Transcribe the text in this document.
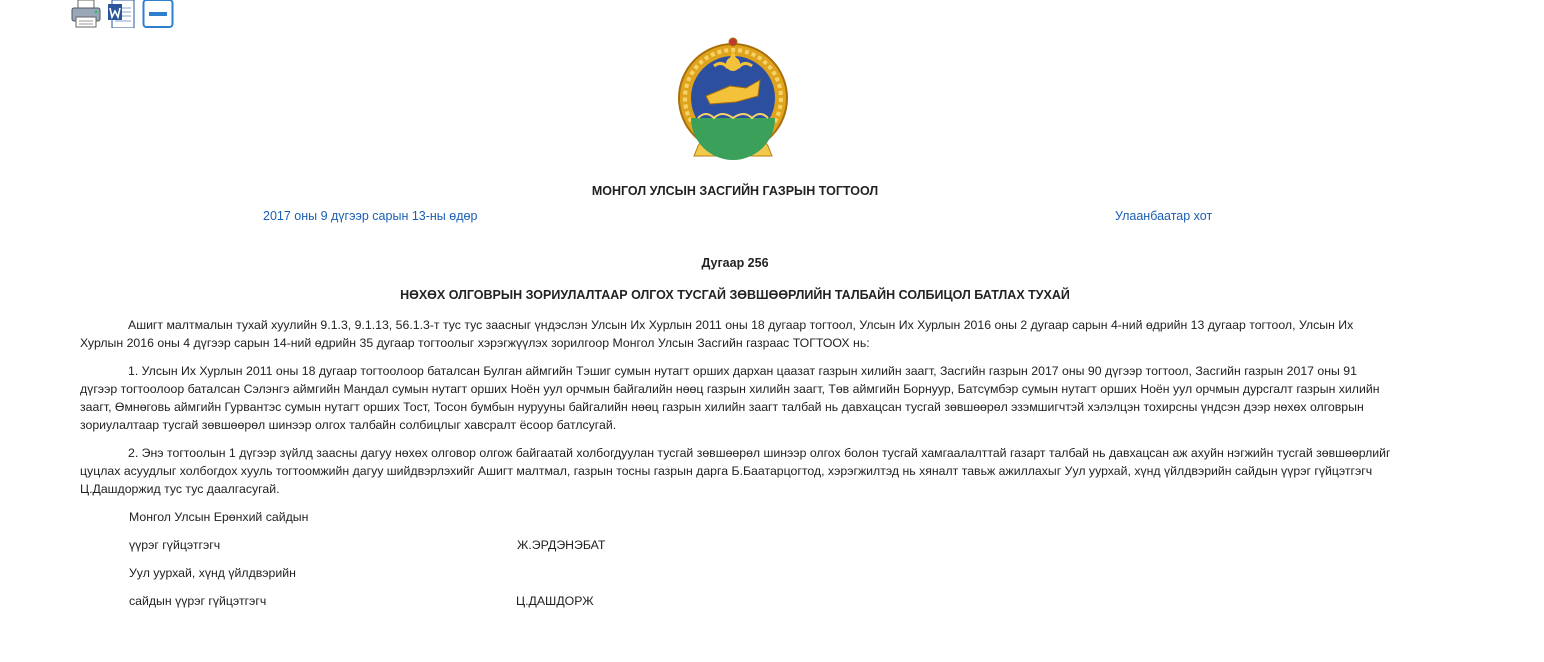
МОНГОЛ УЛСЫН ЗАСГИЙН ГАЗРЫН ТОГТООЛ
2017 оны 9 дүгээр сарын 13-ны өдөр	Улаанбаатар хот
Дугаар 256
НӨХӨХ ОЛГОВРЫН ЗОРИУЛАЛТААР ОЛГОХ ТУСГАЙ ЗӨВШӨӨРЛИЙН ТАЛБАЙН СОЛБИЦОЛ БАТЛАХ ТУХАЙ

Ашигт малтмалын тухай хуулийн 9.1.3, 9.1.13, 56.1.3-т тус тус заасныг үндэслэн Улсын Их Хурлын 2011 оны 18 дугаар тогтоол, Улсын Их Хурлын 2016 оны 2 дугаар сарын 4-ний өдрийн 13 дугаар тогтоол, Улсын Их Хурлын 2016 оны 4 дүгээр сарын 14-ний өдрийн 35 дугаар тогтоолыг хэрэгжүүлэх зорилгоор Монгол Улсын Засгийн газраас ТОГТООХ нь:

1. Улсын Их Хурлын 2011 оны 18 дугаар тогтоолоор баталсан Булган аймгийн Тэшиг сумын нутагт орших дархан цаазат газрын хилийн заагт, Засгийн газрын 2017 оны 90 дүгээр тогтоол, Засгийн газрын 2017 оны 91 дүгээр тогтоолоор баталсан Сэлэнгэ аймгийн Мандал сумын нутагт орших Ноён уул орчмын байгалийн нөөц газрын хилийн заагт, Төв аймгийн Борнуур, Батсүмбэр сумын нутагт орших Ноён уул орчмын дурсгалт газрын хилийн заагт, Өмнөговь аймгийн Гурвантэс сумын нутагт орших Тост, Тосон бумбын нурууны байгалийн нөөц газрын хилийн заагт талбай нь давхацсан тусгай зөвшөөрөл эзэмшигчтэй хэлэлцэн тохирсны үндсэн дээр нөхөх олговрын зориулалтаар тусгай зөвшөөрөл шинээр олгох талбайн солбицлыг хавсралт ёсоор батлсугай.

2. Энэ тогтоолын 1 дүгээр зүйлд заасны дагуу нөхөх олговор олгож байгаатай холбогдуулан тусгай зөвшөөрөл шинээр олгох болон тусгай хамгаалалттай газарт талбай нь давхацсан аж ахуйн нэгжийн тусгай зөвшөөрлийг цуцлах асуудлыг холбогдох хууль тогтоомжийн дагуу шийдвэрлэхийг Ашигт малтмал, газрын тосны газрын дарга Б.Баатарцогтод, хэрэгжилтэд нь хяналт тавьж ажиллахыг Уул уурхай, хүнд үйлдвэрийн сайдын үүрэг гүйцэтгэгч Ц.Дашдоржид тус тус даалгасугай.

Монгол Улсын Ерөнхий сайдын
үүрэг гүйцэтгэгч	Ж.ЭРДЭНЭБАТ
Уул уурхай, хүнд үйлдвэрийн
сайдын үүрэг гүйцэтгэгч	Ц.ДАШДОРЖ
